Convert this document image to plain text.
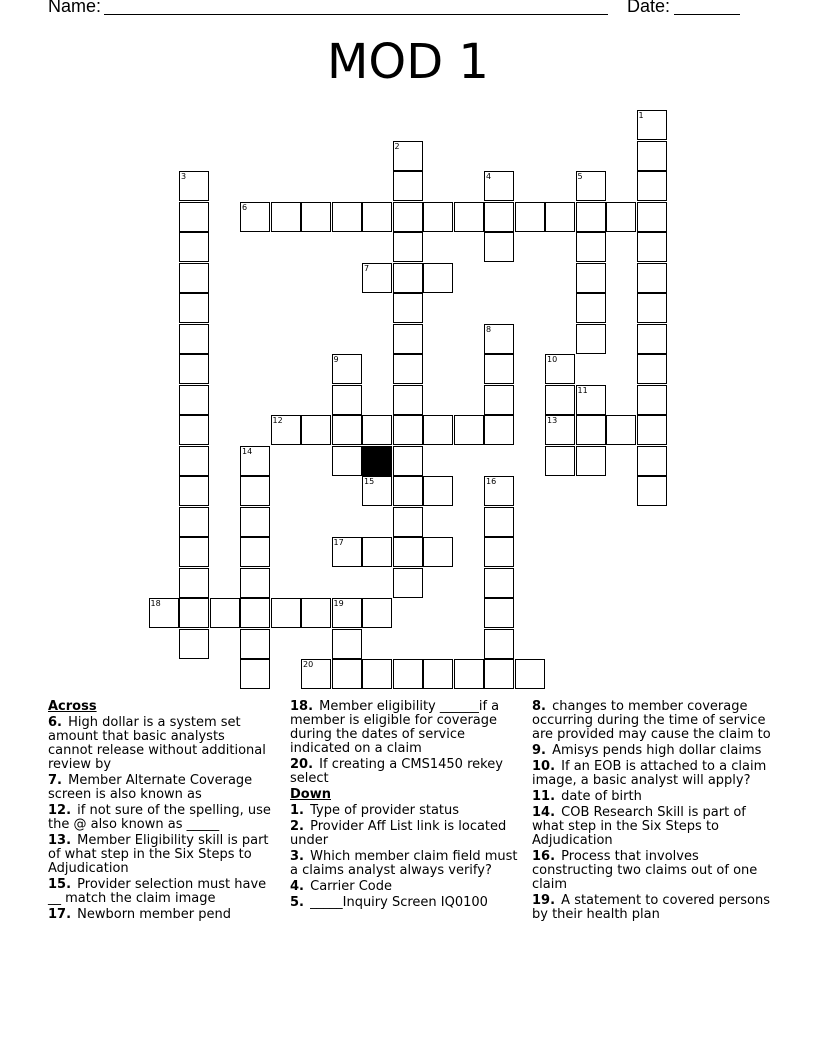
Name:	Date:
MOD 1
1
2
3	4	5
6
7
8
9	10
11
12	13
14
15	16
17
18	19
20
Across
6. High dollar is a system set amount that basic analysts cannot release without additional review by
7. Member Alternate Coverage screen is also known as
12. if not sure of the spelling, use the @ also known as _____
13. Member Eligibility skill is part of what step in the Six Steps to Adjudication
15. Provider selection must have __ match the claim image
17. Newborn member pend
18. Member eligibility ______if a member is eligible for coverage during the dates of service indicated on a claim
20. If creating a CMS1450 rekey select
Down
1. Type of provider status
2. Provider Aff List link is located under
3. Which member claim field must a claims analyst always verify?
4. Carrier Code
5. _____Inquiry Screen IQ0100
8. changes to member coverage occurring during the time of service are provided may cause the claim to
9. Amisys pends high dollar claims
10. If an EOB is attached to a claim image, a basic analyst will apply?
11. date of birth
14. COB Research Skill is part of what step in the Six Steps to Adjudication
16. Process that involves constructing two claims out of one claim
19. A statement to covered persons by their health plan
